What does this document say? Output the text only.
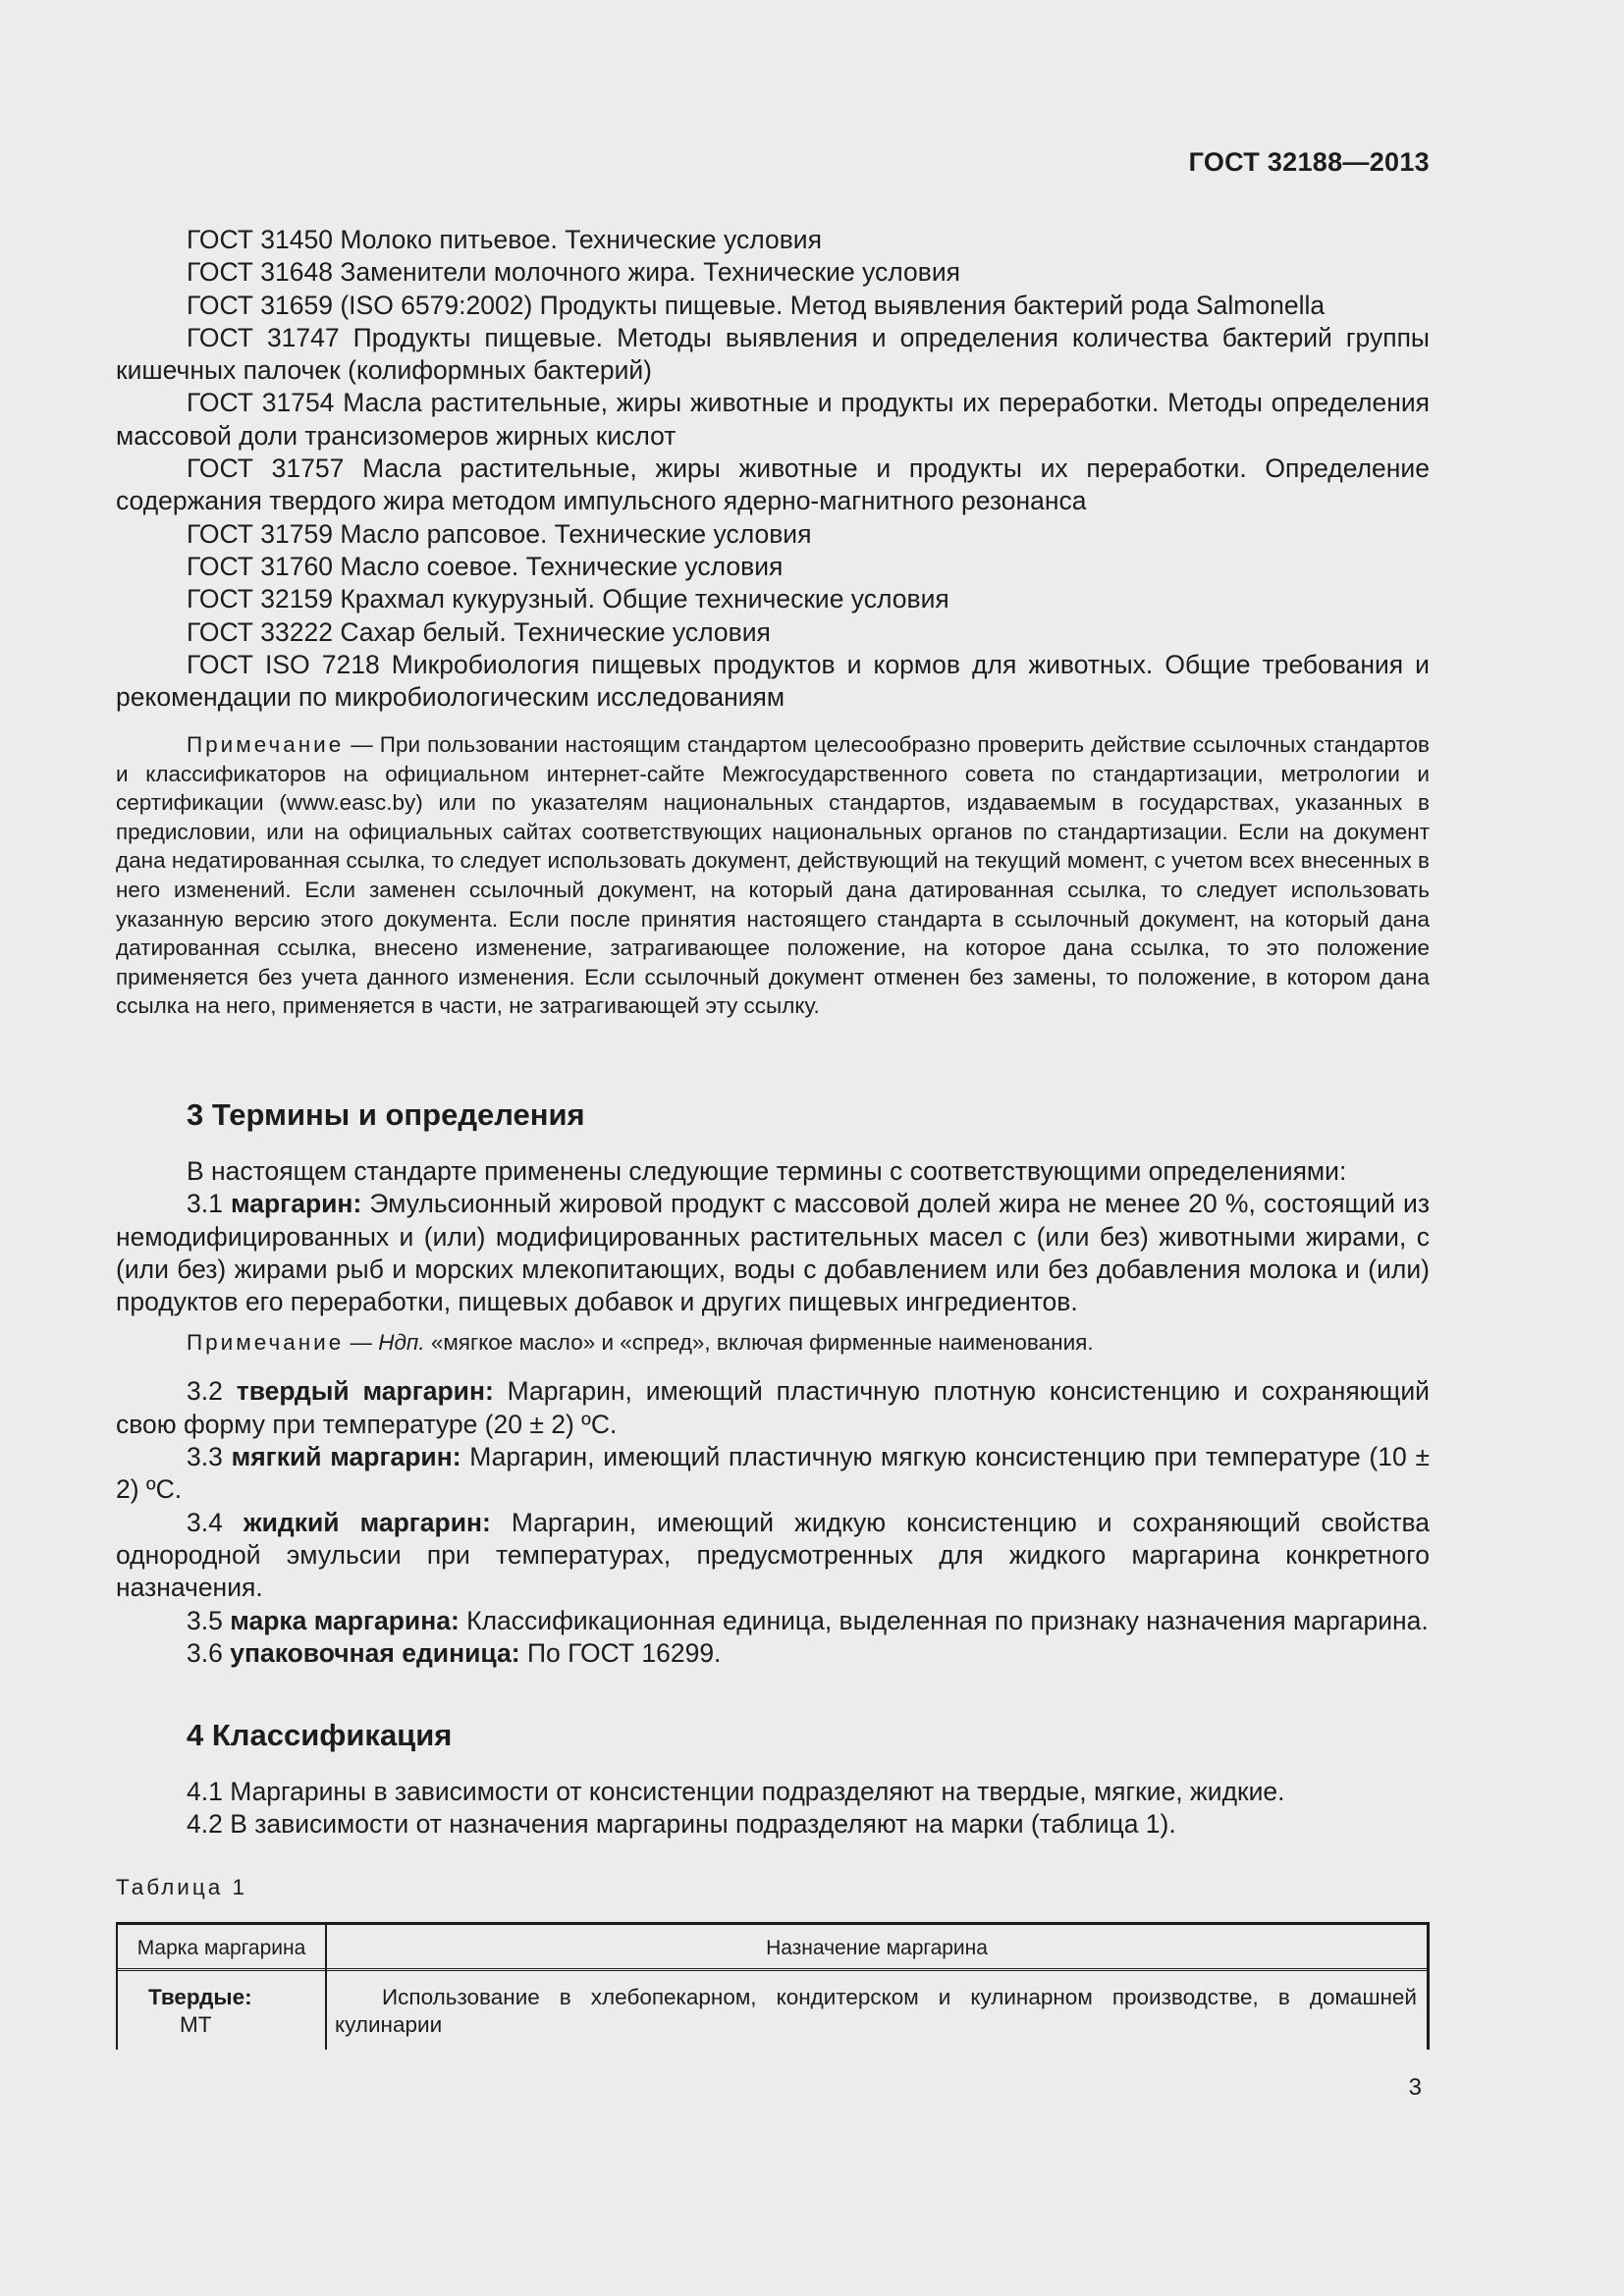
ГОСТ 32188—2013

ГОСТ 31450 Молоко питьевое. Технические условия

ГОСТ 31648 Заменители молочного жира. Технические условия

ГОСТ 31659 (ISO 6579:2002) Продукты пищевые. Метод выявления бактерий рода Salmonella

ГОСТ 31747 Продукты пищевые. Методы выявления и определения количества бактерий группы кишечных палочек (колиформных бактерий)

ГОСТ 31754 Масла растительные, жиры животные и продукты их переработки. Методы определения массовой доли трансизомеров жирных кислот

ГОСТ 31757 Масла растительные, жиры животные и продукты их переработки. Определение содержания твердого жира методом импульсного ядерно-магнитного резонанса

ГОСТ 31759 Масло рапсовое. Технические условия

ГОСТ 31760 Масло соевое. Технические условия

ГОСТ 32159 Крахмал кукурузный. Общие технические условия

ГОСТ 33222 Сахар белый. Технические условия

ГОСТ ISO 7218 Микробиология пищевых продуктов и кормов для животных. Общие требования и рекомендации по микробиологическим исследованиям

Примечание — При пользовании настоящим стандартом целесообразно проверить действие ссылочных стандартов и классификаторов на официальном интернет-сайте Межгосударственного совета по стандартизации, метрологии и сертификации (www.easc.by) или по указателям национальных стандартов, издаваемым в государствах, указанных в предисловии, или на официальных сайтах соответствующих национальных органов по стандартизации. Если на документ дана недатированная ссылка, то следует использовать документ, действующий на текущий момент, с учетом всех внесенных в него изменений. Если заменен ссылочный документ, на который дана датированная ссылка, то следует использовать указанную версию этого документа. Если после принятия настоящего стандарта в ссылочный документ, на который дана датированная ссылка, внесено изменение, затрагивающее положение, на которое дана ссылка, то это положение применяется без учета данного изменения. Если ссылочный документ отменен без замены, то положение, в котором дана ссылка на него, применяется в части, не затрагивающей эту ссылку.

3 Термины и определения

В настоящем стандарте применены следующие термины с соответствующими определениями:

3.1 маргарин: Эмульсионный жировой продукт с массовой долей жира не менее 20 %, состоящий из немодифицированных и (или) модифицированных растительных масел с (или без) животными жирами, с (или без) жирами рыб и морских млекопитающих, воды с добавлением или без добавления молока и (или) продуктов его переработки, пищевых добавок и других пищевых ингредиентов.

Примечание — Ндп. «мягкое масло» и «спред», включая фирменные наименования.

3.2 твердый маргарин: Маргарин, имеющий пластичную плотную консистенцию и сохраняющий свою форму при температуре (20 ± 2) ºС.

3.3 мягкий маргарин: Маргарин, имеющий пластичную мягкую консистенцию при температуре (10 ± 2) ºС.

3.4 жидкий маргарин: Маргарин, имеющий жидкую консистенцию и сохраняющий свойства однородной эмульсии при температурах, предусмотренных для жидкого маргарина конкретного назначения.

3.5 марка маргарина: Классификационная единица, выделенная по признаку назначения маргарина.

3.6 упаковочная единица: По ГОСТ 16299.

4 Классификация

4.1 Маргарины в зависимости от консистенции подразделяют на твердые, мягкие, жидкие.

4.2 В зависимости от назначения маргарины подразделяют на марки (таблица 1).

Таблица 1
Марка маргарина	Назначение маргарина
Твердые:
МТ
Использование в хлебопекарном, кондитерском и кулинарном производстве, в домашней кулинарии
3
